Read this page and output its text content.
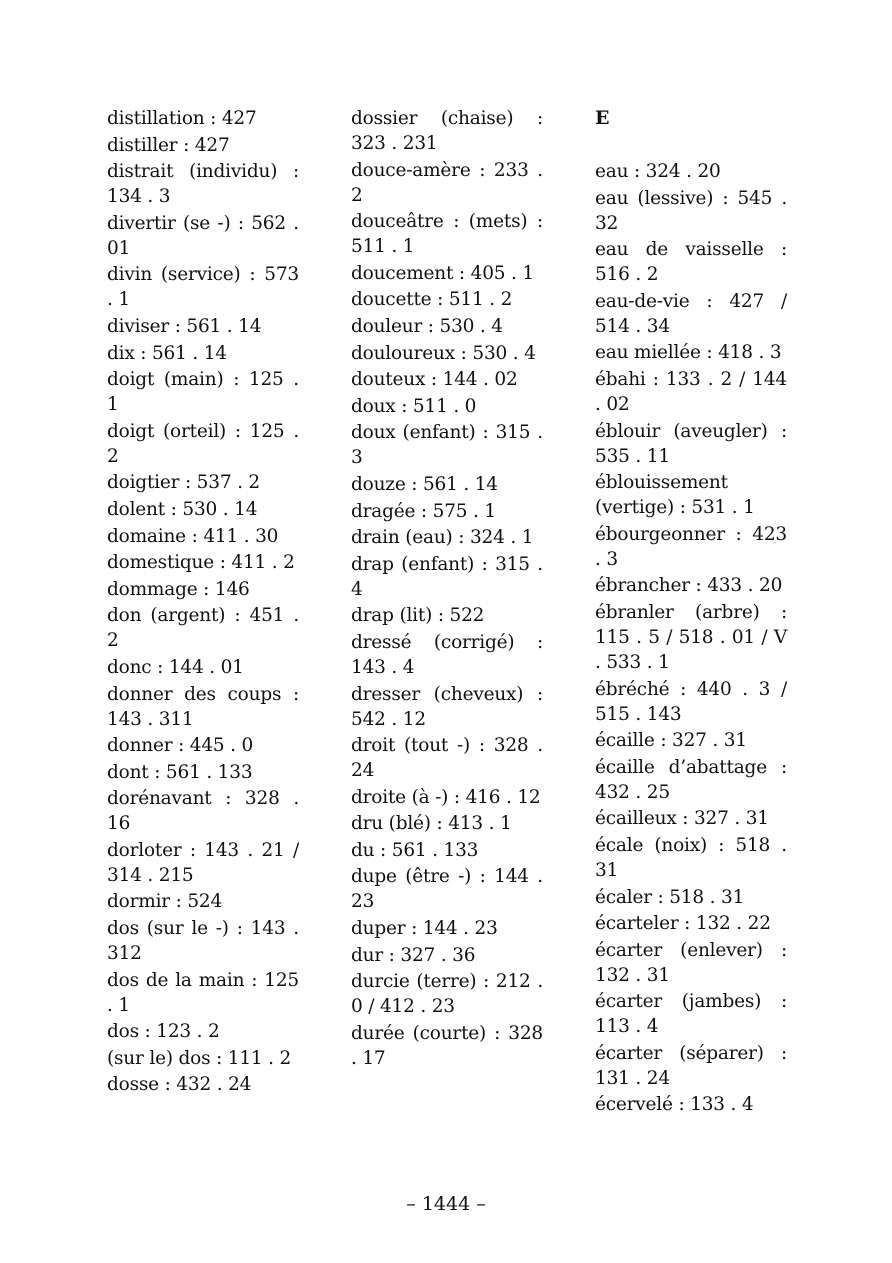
distillation : 427
distiller : 427
distrait (individu) : 134 . 3
divertir (se -) : 562 . 01
divin (service) : 573 . 1
diviser : 561 . 14
dix : 561 . 14
doigt (main) : 125 . 1
doigt (orteil) : 125 . 2
doigtier : 537 . 2
dolent : 530 . 14
domaine : 411 . 30
domestique : 411 . 2
dommage : 146
don (argent) : 451 . 2
donc : 144 . 01
donner des coups : 143 . 311
donner : 445 . 0
dont : 561 . 133
dorénavant : 328 . 16
dorloter : 143 . 21 / 314 . 215
dormir : 524
dos (sur le -) : 143 . 312
dos de la main : 125 . 1
dos : 123 . 2
(sur le) dos : 111 . 2
dosse : 432 . 24
dossier (chaise) : 323 . 231
douce-amère : 233 . 2
douceâtre : (mets) : 511 . 1
doucement : 405 . 1
doucette : 511 . 2
douleur : 530 . 4
douloureux : 530 . 4
douteux : 144 . 02
doux : 511 . 0
doux (enfant) : 315 . 3
douze : 561 . 14
dragée : 575 . 1
drain (eau) : 324 . 1
drap (enfant) : 315 . 4
drap (lit) : 522
dressé (corrigé) : 143 . 4
dresser (cheveux) : 542 . 12
droit (tout -) : 328 . 24
droite (à -) : 416 . 12
dru (blé) : 413 . 1
du : 561 . 133
dupe (être -) : 144 . 23
duper : 144 . 23
dur : 327 . 36
durcie (terre) : 212 . 0 / 412 . 23
durée (courte) : 328 . 17
E
eau : 324 . 20
eau (lessive) : 545 . 32
eau de vaisselle : 516 . 2
eau-de-vie : 427 / 514 . 34
eau miellée : 418 . 3
ébahi : 133 . 2 / 144 . 02
éblouir (aveugler) : 535 . 11
éblouissement (vertige) : 531 . 1
ébourgeonner : 423 . 3
ébrancher : 433 . 20
ébranler (arbre) : 115 . 5 / 518 . 01 / V . 533 . 1
ébréché : 440 . 3 / 515 . 143
écaille : 327 . 31
écaille d’abattage : 432 . 25
écailleux : 327 . 31
écale (noix) : 518 . 31
écaler : 518 . 31
écarteler : 132 . 22
écarter (enlever) : 132 . 31
écarter (jambes) : 113 . 4
écarter (séparer) : 131 . 24
écervelé : 133 . 4
– 1444 –
